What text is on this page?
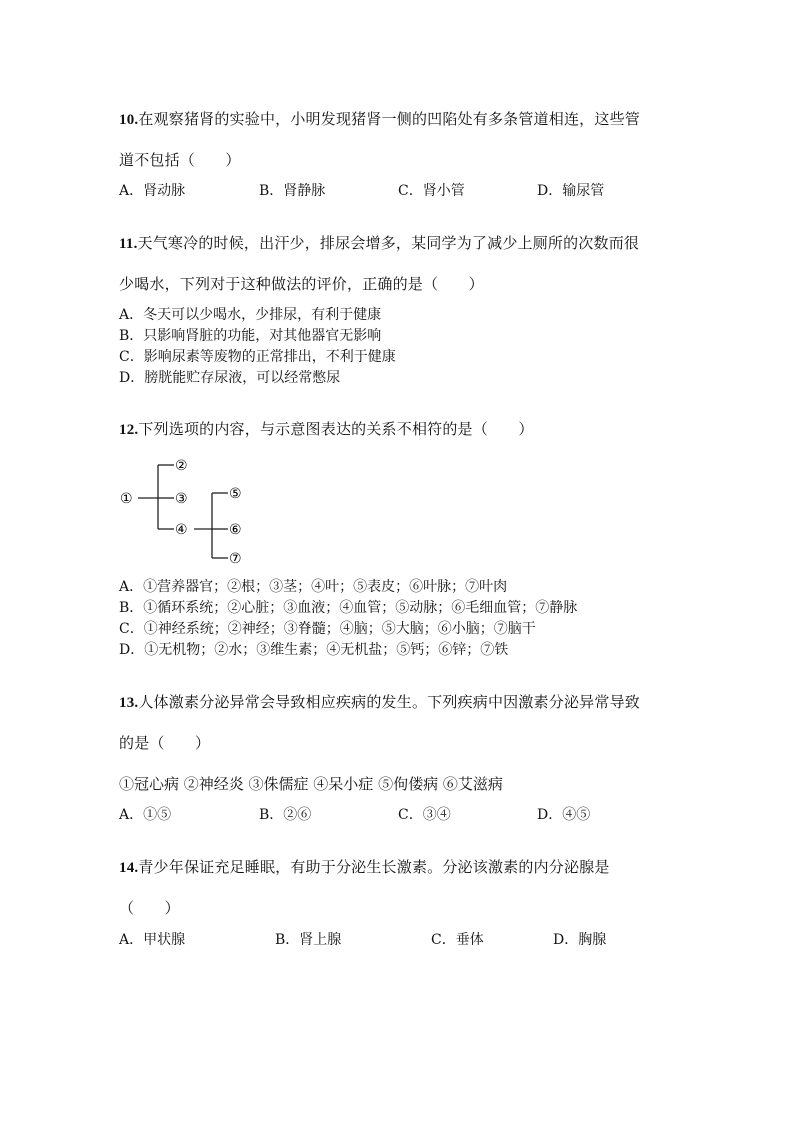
10.在观察猪肾的实验中，小明发现猪肾一侧的凹陷处有多条管道相连，这些管
道不包括（　　）
A．肾动脉	B．肾静脉	C．肾小管	D．输尿管
11.天气寒冷的时候，出汗少，排尿会增多，某同学为了减少上厕所的次数而很
少喝水，下列对于这种做法的评价，正确的是（　　）
A．冬天可以少喝水，少排尿，有利于健康
B．只影响肾脏的功能，对其他器官无影响
C．影响尿素等废物的正常排出，不利于健康
D．膀胱能贮存尿液，可以经常憋尿
12.下列选项的内容，与示意图表达的关系不相符的是（　　）
①
②
③
④
⑤
⑥
⑦
A．①营养器官；②根；③茎；④叶；⑤表皮；⑥叶脉；⑦叶肉
B．①循环系统；②心脏；③血液；④血管；⑤动脉；⑥毛细血管；⑦静脉
C．①神经系统；②神经；③脊髓；④脑；⑤大脑；⑥小脑；⑦脑干
D．①无机物；②水；③维生素；④无机盐；⑤钙；⑥锌；⑦铁
13.人体激素分泌异常会导致相应疾病的发生。下列疾病中因激素分泌异常导致
的是（　　）
①冠心病 ②神经炎 ③侏儒症 ④呆小症 ⑤佝偻病 ⑥艾滋病
A．①⑤	B．②⑥	C．③④	D．④⑤
14.青少年保证充足睡眠，有助于分泌生长激素。分泌该激素的内分泌腺是
（　　）
A．甲状腺	B．肾上腺	C．垂体	D．胸腺
